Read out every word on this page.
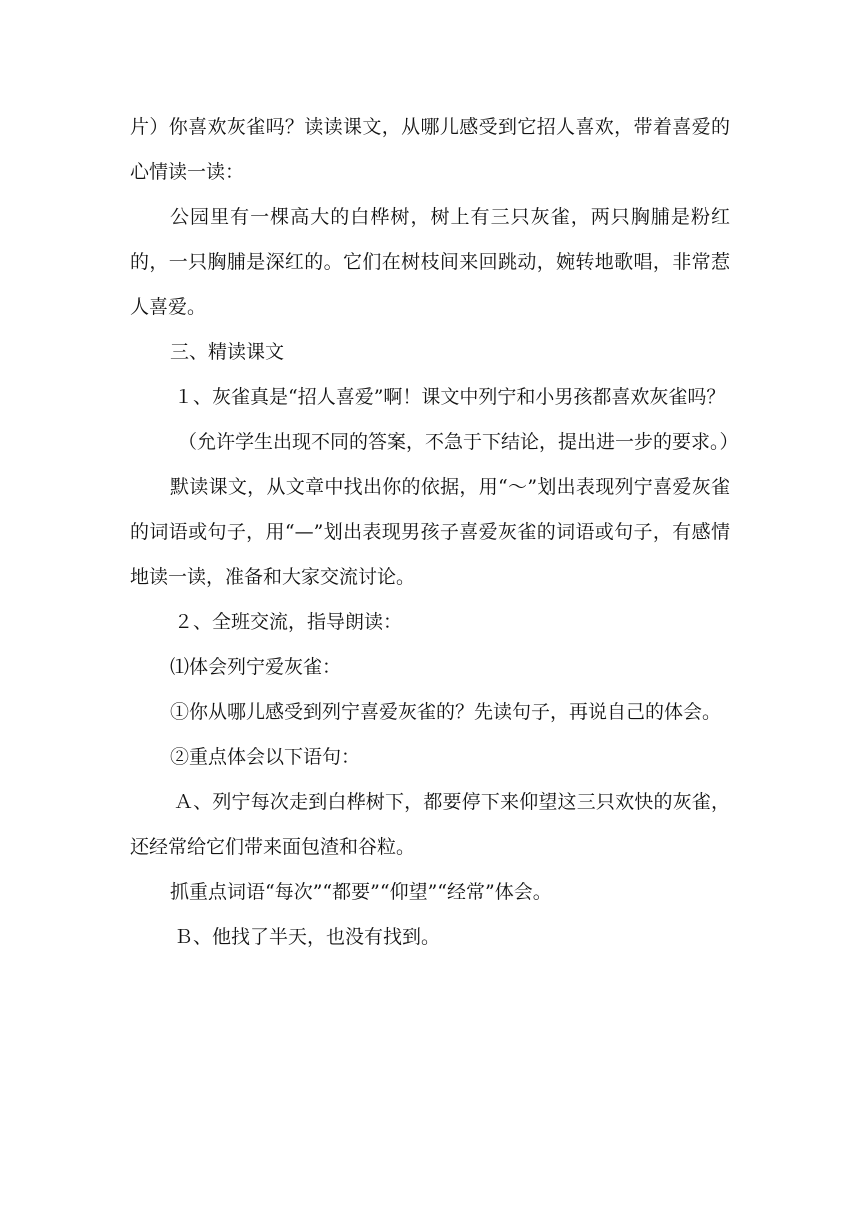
片）你喜欢灰雀吗？读读课文，从哪儿感受到它招人喜欢，带着喜爱的心情读一读：

公园里有一棵高大的白桦树，树上有三只灰雀，两只胸脯是粉红的，一只胸脯是深红的。它们在树枝间来回跳动，婉转地歌唱，非常惹人喜爱。

三、精读课文

１、灰雀真是“招人喜爱”啊！课文中列宁和小男孩都喜欢灰雀吗？

（允许学生出现不同的答案，不急于下结论，提出进一步的要求。）

默读课文，从文章中找出你的依据，用“～”划出表现列宁喜爱灰雀的词语或句子，用“—”划出表现男孩子喜爱灰雀的词语或句子，有感情地读一读，准备和大家交流讨论。

２、全班交流，指导朗读：

⑴体会列宁爱灰雀：

①你从哪儿感受到列宁喜爱灰雀的？先读句子，再说自己的体会。

②重点体会以下语句：

Ａ、列宁每次走到白桦树下，都要停下来仰望这三只欢快的灰雀，还经常给它们带来面包渣和谷粒。

抓重点词语“每次”“都要”“仰望”“经常”体会。

Ｂ、他找了半天，也没有找到。
